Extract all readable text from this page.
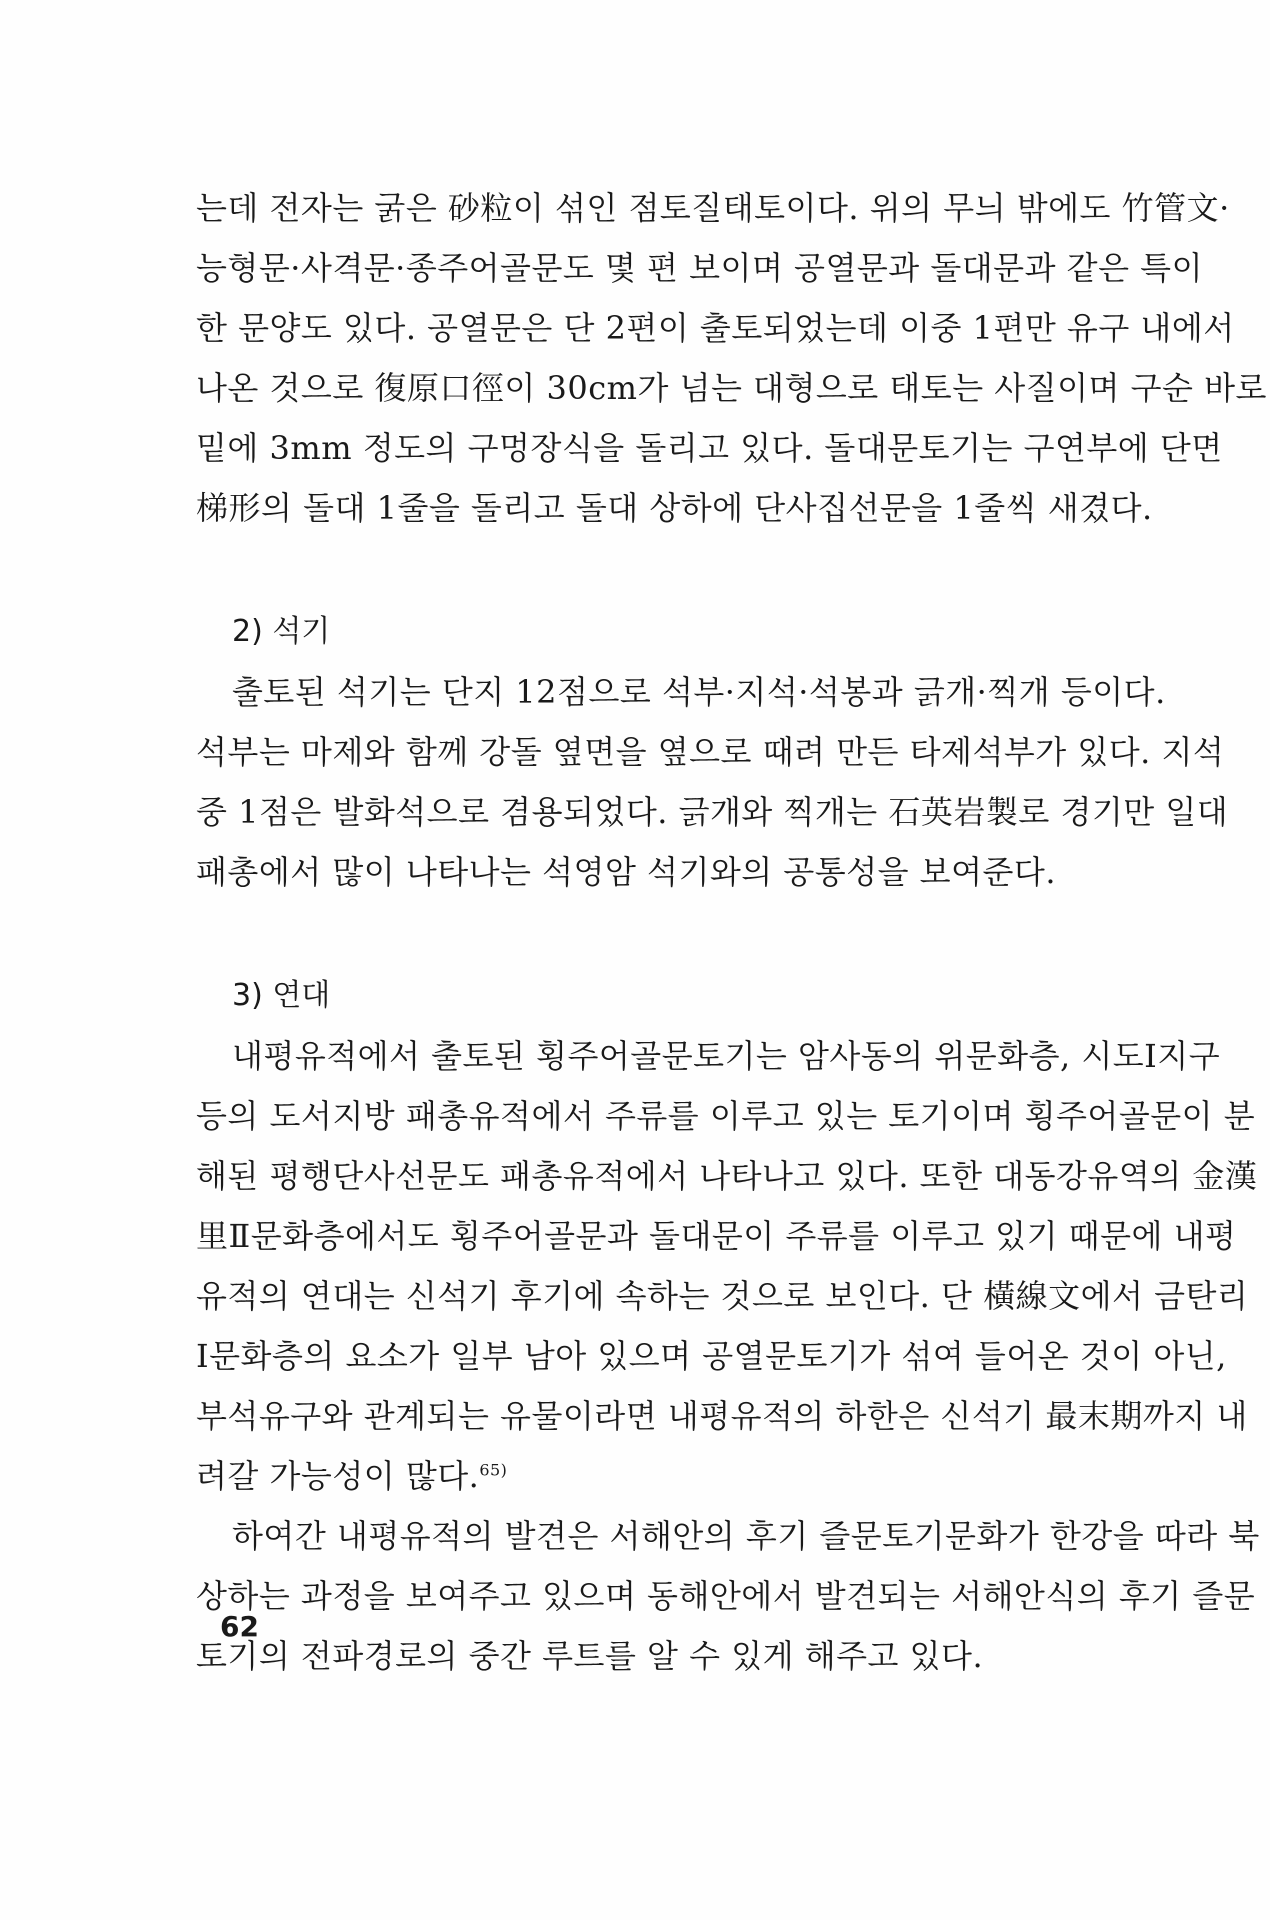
는데 전자는 굵은 砂粒이 섞인 점토질태토이다. 위의 무늬 밖에도 竹管文·
능형문·사격문·종주어골문도 몇 편 보이며 공열문과 돌대문과 같은 특이
한 문양도 있다. 공열문은 단 2편이 출토되었는데 이중 1편만 유구 내에서
나온 것으로 復原口徑이 30cm가 넘는 대형으로 태토는 사질이며 구순 바로
밑에 3mm 정도의 구멍장식을 돌리고 있다. 돌대문토기는 구연부에 단면
梯形의 돌대 1줄을 돌리고 돌대 상하에 단사집선문을 1줄씩 새겼다.
2) 석기
출토된 석기는 단지 12점으로 석부·지석·석봉과 긁개·찍개 등이다.
석부는 마제와 함께 강돌 옆면을 옆으로 때려 만든 타제석부가 있다. 지석
중 1점은 발화석으로 겸용되었다. 긁개와 찍개는 石英岩製로 경기만 일대
패총에서 많이 나타나는 석영암 석기와의 공통성을 보여준다.
3) 연대
내평유적에서 출토된 횡주어골문토기는 암사동의 위문화층, 시도Ⅰ지구
등의 도서지방 패총유적에서 주류를 이루고 있는 토기이며 횡주어골문이 분
해된 평행단사선문도 패총유적에서 나타나고 있다. 또한 대동강유역의 金漢
里Ⅱ문화층에서도 횡주어골문과 돌대문이 주류를 이루고 있기 때문에 내평
유적의 연대는 신석기 후기에 속하는 것으로 보인다. 단 橫線文에서 금탄리
Ⅰ문화층의 요소가 일부 남아 있으며 공열문토기가 섞여 들어온 것이 아닌,
부석유구와 관계되는 유물이라면 내평유적의 하한은 신석기 最末期까지 내
려갈 가능성이 많다.$^{65)}$
하여간 내평유적의 발견은 서해안의 후기 즐문토기문화가 한강을 따라 북
상하는 과정을 보여주고 있으며 동해안에서 발견되는 서해안식의 후기 즐문
토기의 전파경로의 중간 루트를 알 수 있게 해주고 있다.
62
